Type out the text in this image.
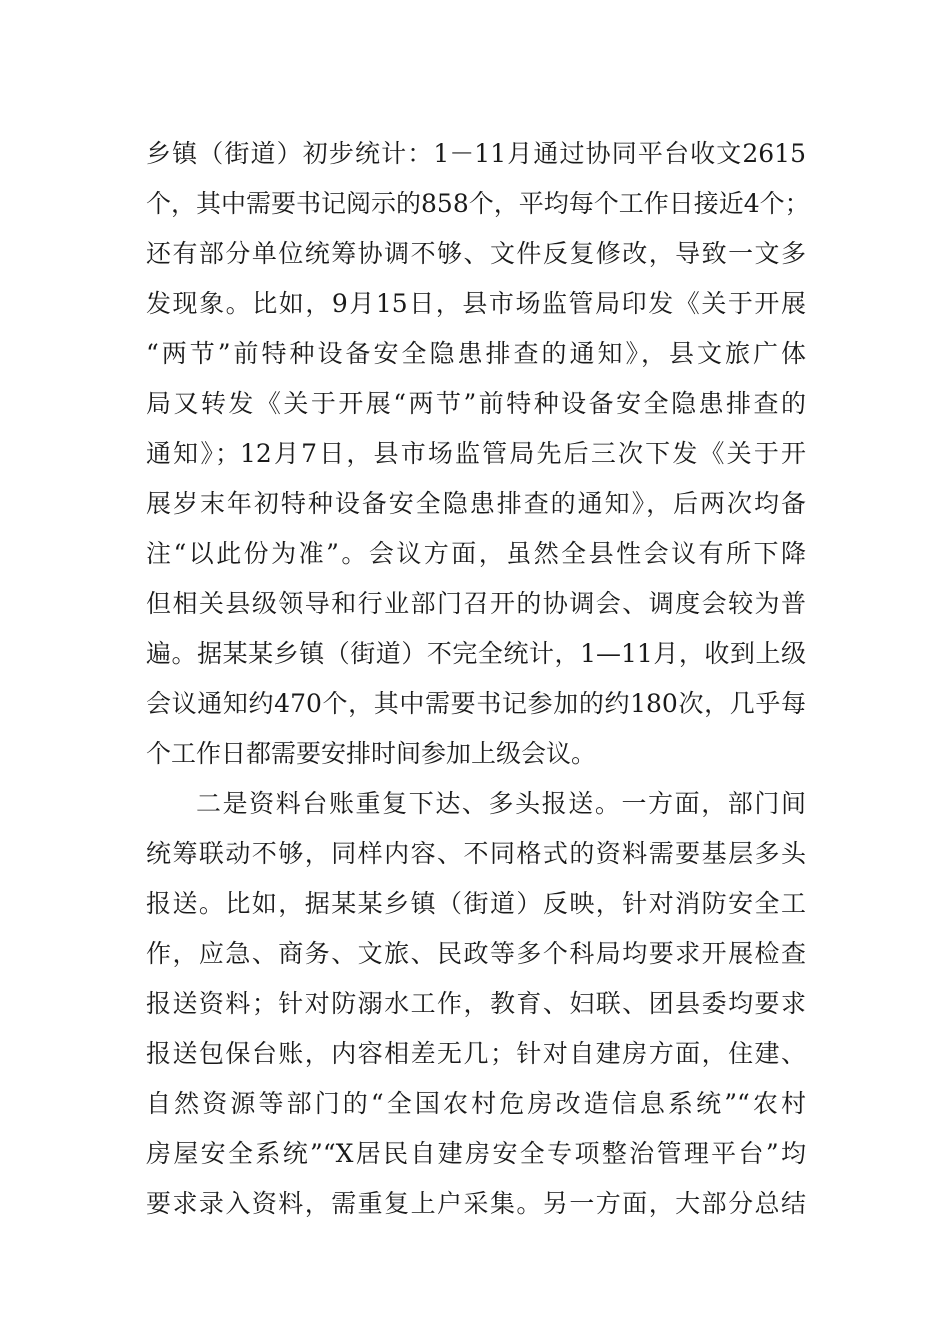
乡镇（街道）初步统计：1－11月通过协同平台收文2615
个，其中需要书记阅示的858个，平均每个工作日接近4个；
还有部分单位统筹协调不够、文件反复修改，导致一文多
发现象。比如，9月15日，县市场监管局印发《关于开展
“两节”前特种设备安全隐患排查的通知》，县文旅广体
局又转发《关于开展“两节”前特种设备安全隐患排查的
通知》；12月7日，县市场监管局先后三次下发《关于开
展岁末年初特种设备安全隐患排查的通知》，后两次均备
注“以此份为准”。会议方面，虽然全县性会议有所下降
但相关县级领导和行业部门召开的协调会、调度会较为普
遍。据某某乡镇（街道）不完全统计，1—11月，收到上级
会议通知约470个，其中需要书记参加的约180次，几乎每
个工作日都需要安排时间参加上级会议。
二是资料台账重复下达、多头报送。一方面，部门间
统筹联动不够，同样内容、不同格式的资料需要基层多头
报送。比如，据某某乡镇（街道）反映，针对消防安全工
作，应急、商务、文旅、民政等多个科局均要求开展检查
报送资料；针对防溺水工作，教育、妇联、团县委均要求
报送包保台账，内容相差无几；针对自建房方面，住建、
自然资源等部门的“全国农村危房改造信息系统”“农村
房屋安全系统”“X居民自建房安全专项整治管理平台”均
要求录入资料，需重复上户采集。另一方面，大部分总结
